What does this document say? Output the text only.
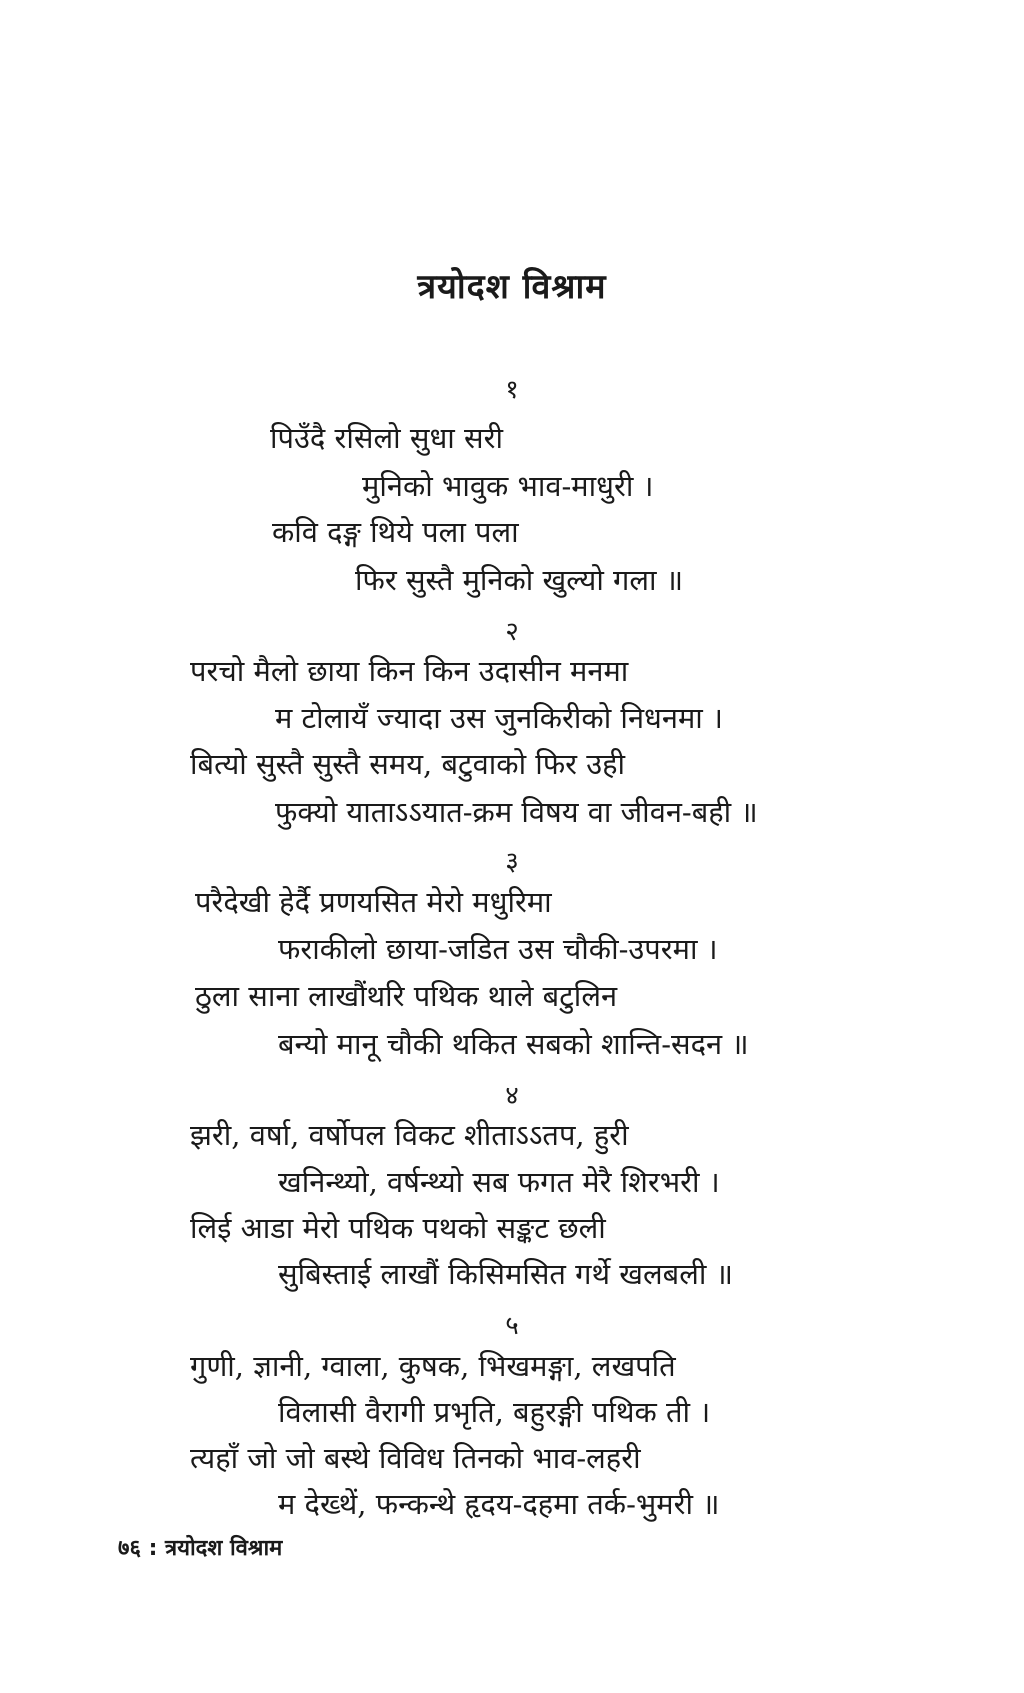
त्रयोदश विश्राम
१
पिउँदै रसिलो सुधा सरी
मुनिको भावुक भाव-माधुरी ।
कवि दङ्ग थिये पला पला
फिर सुस्तै मुनिको खुल्यो गला ॥
२
परचो मैलो छाया किन किन उदासीन मनमा
म टोलायँ ज्यादा उस जुनकिरीको निधनमा ।
बित्यो सुस्तै सुस्तै समय, बटुवाको फिर उही
फुक्यो याताऽऽयात-क्रम विषय वा जीवन-बही ॥
३
परैदेखी हेर्दै प्रणयसित मेरो मधुरिमा
फराकीलो छाया-जडित उस चौकी-उपरमा ।
ठुला साना लाखौंथरि पथिक थाले बटुलिन
बन्यो मानू चौकी थकित सबको शान्ति-सदन ॥
४
झरी, वर्षा, वर्षोपल विकट शीताऽऽतप, हुरी
खनिन्थ्यो, वर्षन्थ्यो सब फगत मेरै शिरभरी ।
लिई आडा मेरो पथिक पथको सङ्कट छली
सुबिस्ताई लाखौं किसिमसित गर्थे खलबली ॥
५
गुणी, ज्ञानी, ग्वाला, कुषक, भिखमङ्गा, लखपति
विलासी वैरागी प्रभृति, बहुरङ्गी पथिक ती ।
त्यहाँ जो जो बस्थे विविध तिनको भाव-लहरी
म देख्थें, फन्कन्थे हृदय-दहमा तर्क-भुमरी ॥
७६ : त्रयोदश विश्राम
